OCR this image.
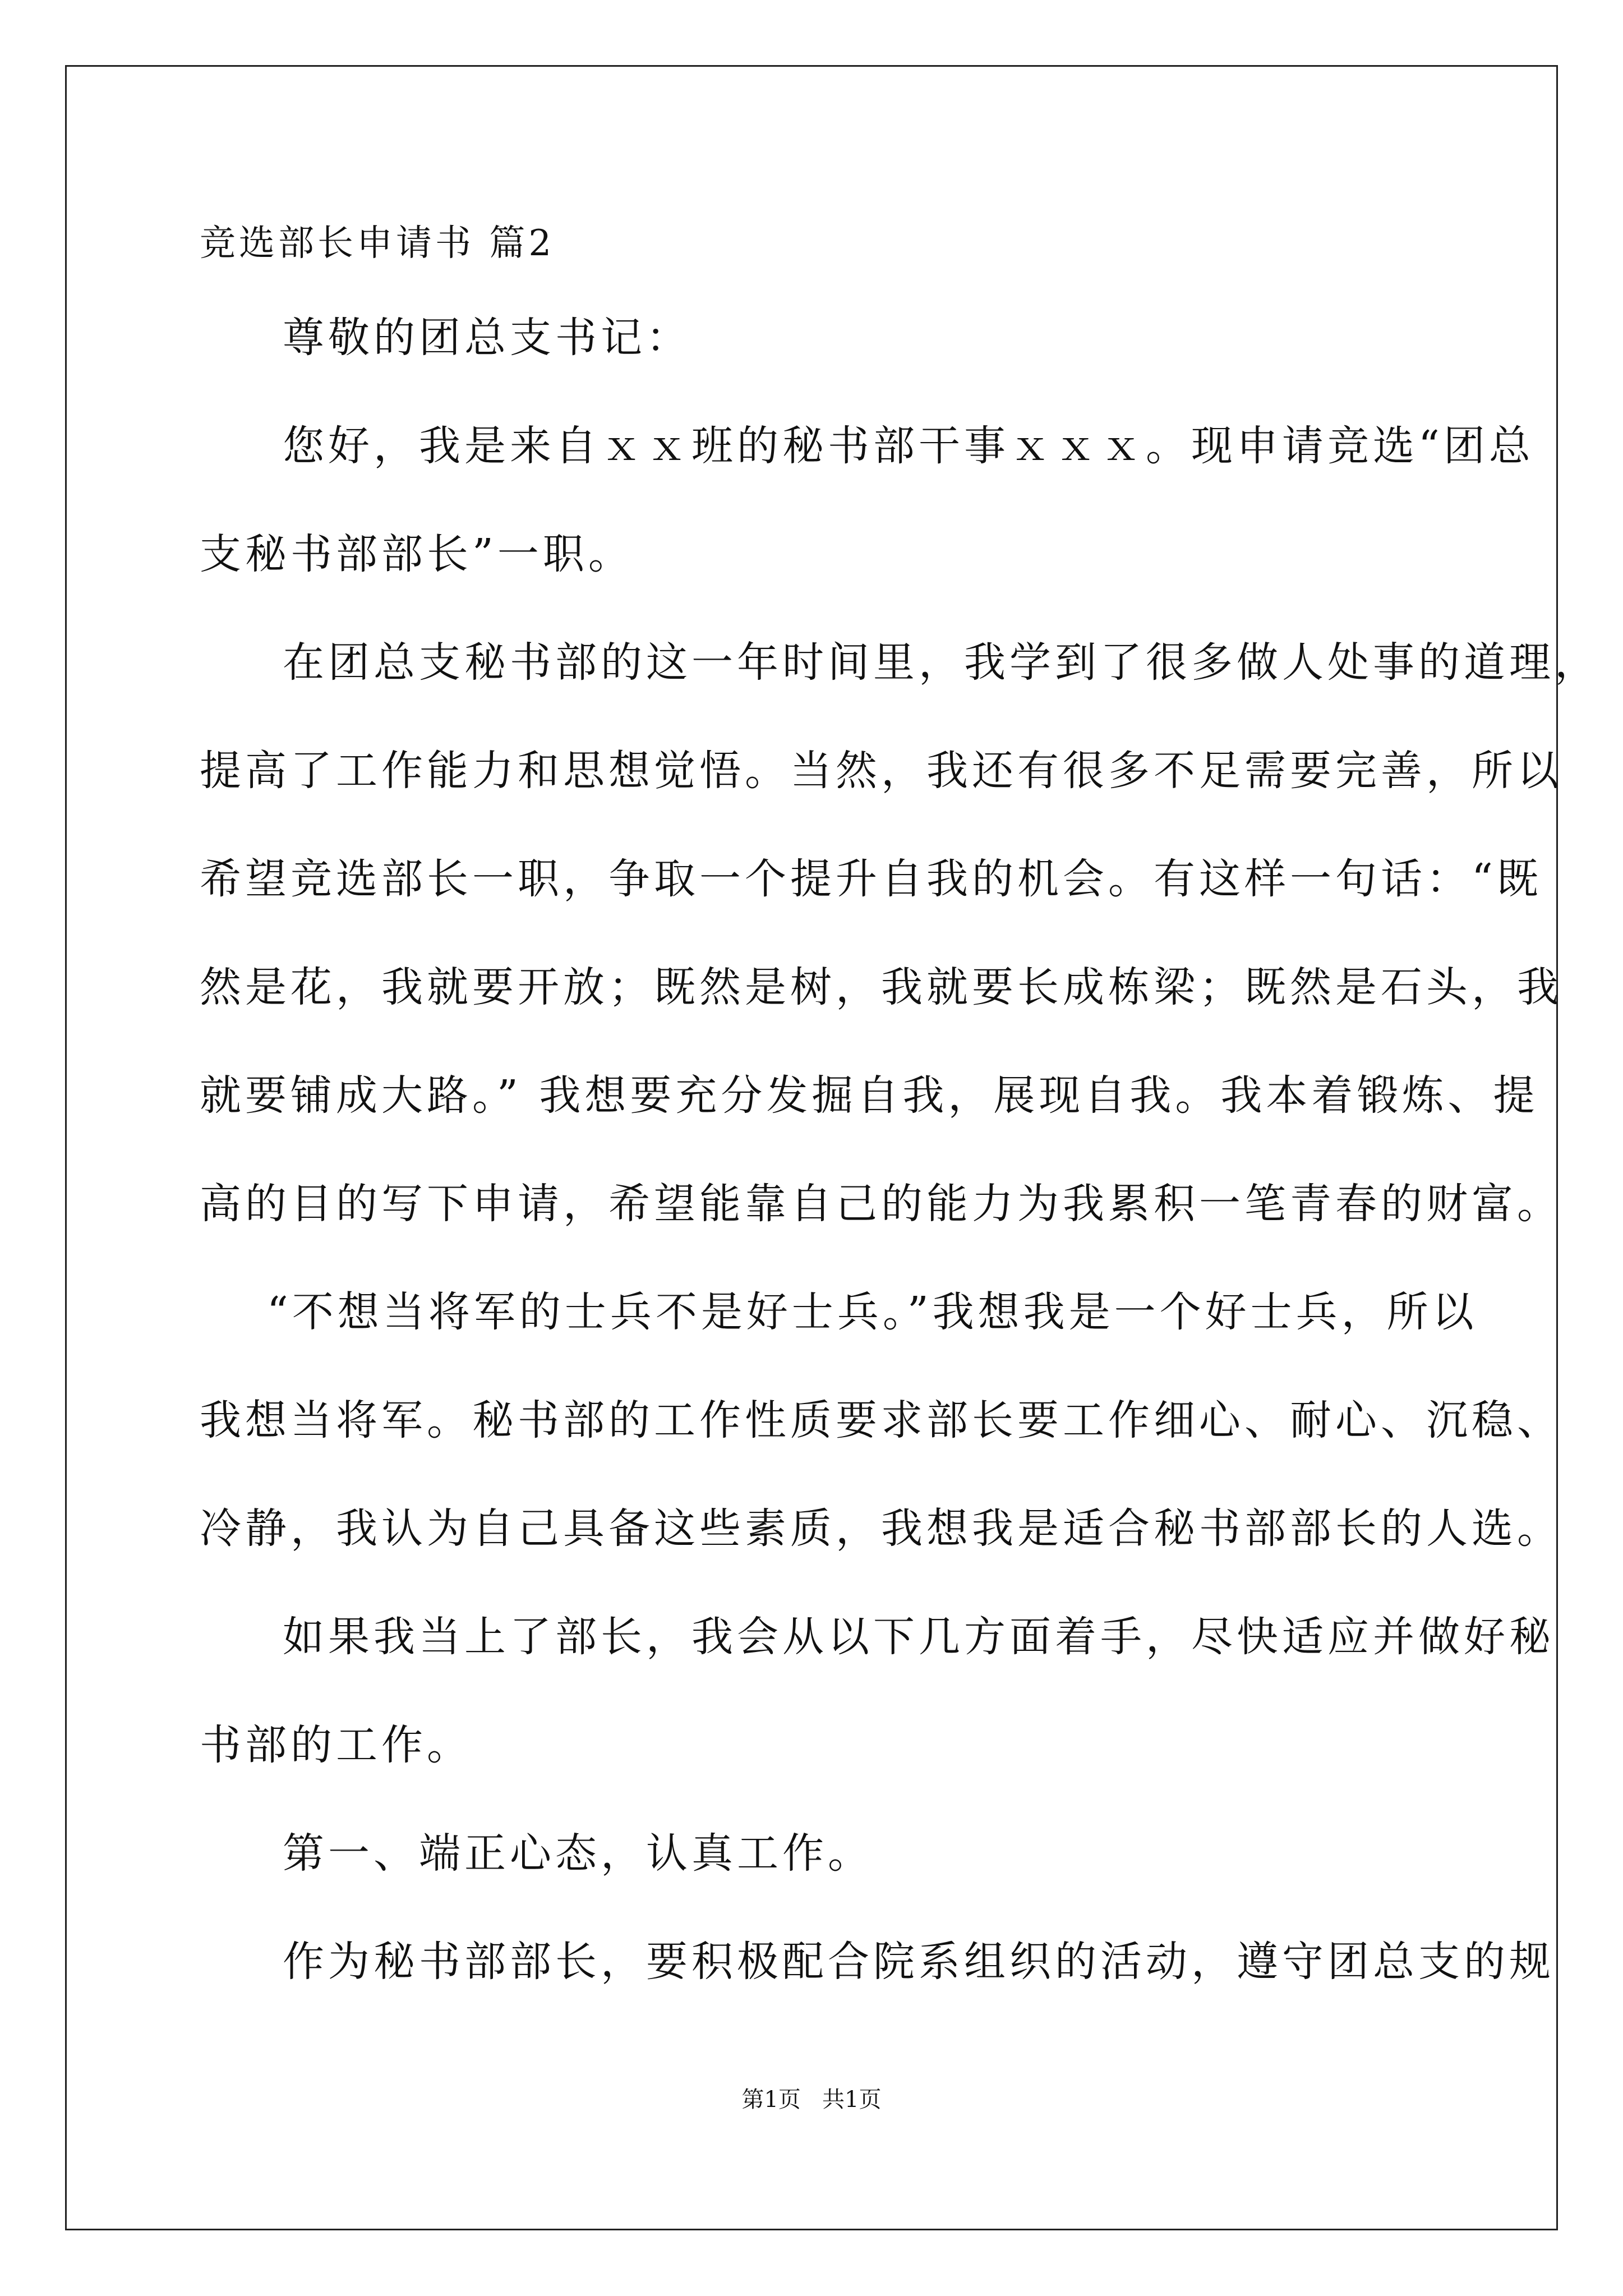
竞选部长申请书 篇2
尊敬的团总支书记：
您好，我是来自ｘｘ班的秘书部干事ｘｘｘ。现申请竞选“团总
支秘书部部长”一职。
在团总支秘书部的这一年时间里，我学到了很多做人处事的道理，
提高了工作能力和思想觉悟。当然，我还有很多不足需要完善，所以
希望竞选部长一职，争取一个提升自我的机会。有这样一句话：“既
然是花，我就要开放；既然是树，我就要长成栋梁；既然是石头，我
就要铺成大路。” 我想要充分发掘自我，展现自我。我本着锻炼、提
高的目的写下申请，希望能靠自己的能力为我累积一笔青春的财富。
“不想当将军的士兵不是好士兵。”我想我是一个好士兵，所以
我想当将军。秘书部的工作性质要求部长要工作细心、耐心、沉稳、
冷静，我认为自己具备这些素质，我想我是适合秘书部部长的人选。
如果我当上了部长，我会从以下几方面着手，尽快适应并做好秘
书部的工作。
第一、端正心态，认真工作。
作为秘书部部长，要积极配合院系组织的活动，遵守团总支的规
第1页   共1页
